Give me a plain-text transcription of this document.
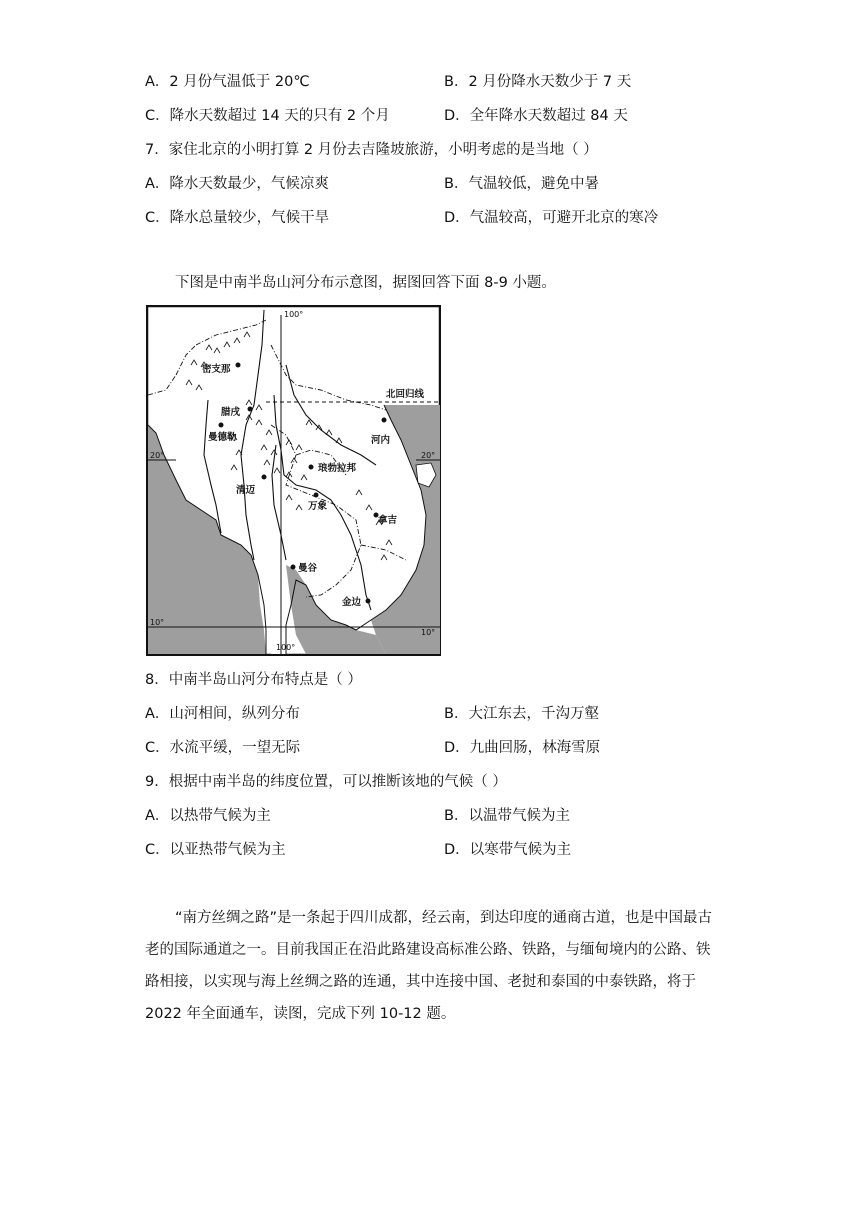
A．2 月份气温低于 20℃	B．2 月份降水天数少于 7 天
C．降水天数超过 14 天的只有 2 个月	D．全年降水天数超过 84 天
7．家住北京的小明打算 2 月份去吉隆坡旅游，小明考虑的是当地（ ）
A．降水天数最少，气候凉爽	B．气温较低，避免中暑
C．降水总量较少，气候干旱	D．气温较高，可避开北京的寒冷
下图是中南半岛山河分布示意图，据图回答下面 8-9 小题。
密支那
腊戌
曼德勒
北回归线
河内
琅勃拉邦
清迈
万象
拿吉
曼谷
金边
100°
100°
20°	20°
10°
10°
8．中南半岛山河分布特点是（ ）
A．山河相间，纵列分布	B．大江东去，千沟万壑
C．水流平缓，一望无际	D．九曲回肠，林海雪原
9．根据中南半岛的纬度位置，可以推断该地的气候（ ）
A．以热带气候为主	B．以温带气候为主
C．以亚热带气候为主	D．以寒带气候为主
“南方丝绸之路”是一条起于四川成都，经云南，到达印度的通商古道，也是中国最古老的国际通道之一。目前我国正在沿此路建设高标准公路、铁路，与缅甸境内的公路、铁路相接，以实现与海上丝绸之路的连通，其中连接中国、老挝和泰国的中泰铁路，将于 2022 年全面通车，读图，完成下列 10-12 题。
